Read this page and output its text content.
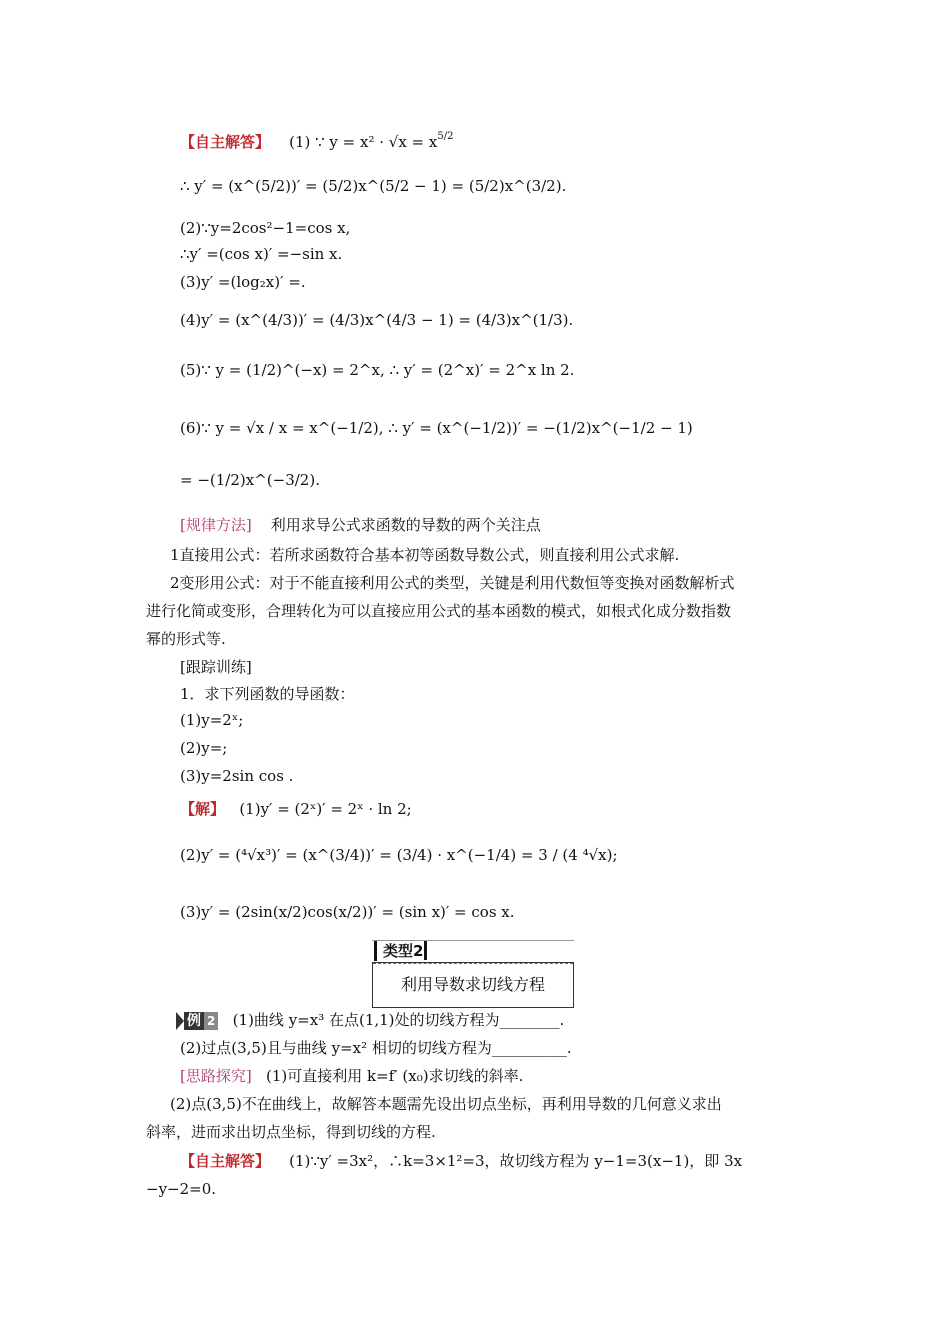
【自主解答】 (1) ∵ $y = x^2 \cdot √x = x^{5/2}$
∴ y′ = (x^(5/2))′ = (5/2)x^(5/2 − 1) = (5/2)x^(3/2).
(2)∵y=2cos²−1=cos x,
∴y′ =(cos x)′ =−sin x.
(3)y′ =(log₂x)′ =.
(4)y′ = (x^(4/3))′ = (4/3)x^(4/3 − 1) = (4/3)x^(1/3).
(5)∵ y = (1/2)^(−x) = 2^x, ∴ y′ = (2^x)′ = 2^x ln 2.
(6)∵ y = √x / x = x^(−1/2), ∴ y′ = (x^(−1/2))′ = −(1/2)x^(−1/2 − 1)
= −(1/2)x^(−3/2).
[规律方法] 利用求导公式求函数的导数的两个关注点
1直接用公式：若所求函数符合基本初等函数导数公式，则直接利用公式求解.
2变形用公式：对于不能直接利用公式的类型，关键是利用代数恒等变换对函数解析式
进行化简或变形，合理转化为可以直接应用公式的基本函数的模式，如根式化成分数指数
幂的形式等.
[跟踪训练]
1．求下列函数的导函数：
(1)y=2ˣ;
(2)y=;
(3)y=2sin cos .
【解】 (1)y′ = (2ˣ)′ = 2ˣ · ln 2;
(2)y′ = (⁴√x³)′ = (x^(3/4))′ = (3/4) · x^(−1/4) = 3 / (4 ⁴√x);
(3)y′ = (2sin(x/2)cos(x/2))′ = (sin x)′ = cos x.
类型2
利用导数求切线方程
例 2 (1)曲线 y=x³ 在点(1,1)处的切线方程为________.
(2)过点(3,5)且与曲线 y=x² 相切的切线方程为__________.
[思路探究] (1)可直接利用 k=f′ (x₀)求切线的斜率.
(2)点(3,5)不在曲线上，故解答本题需先设出切点坐标，再利用导数的几何意义求出
斜率，进而求出切点坐标，得到切线的方程.
【自主解答】 (1)∵y′ =3x²，∴k=3×1²=3，故切线方程为 y−1=3(x−1)，即 3x
−y−2=0.
